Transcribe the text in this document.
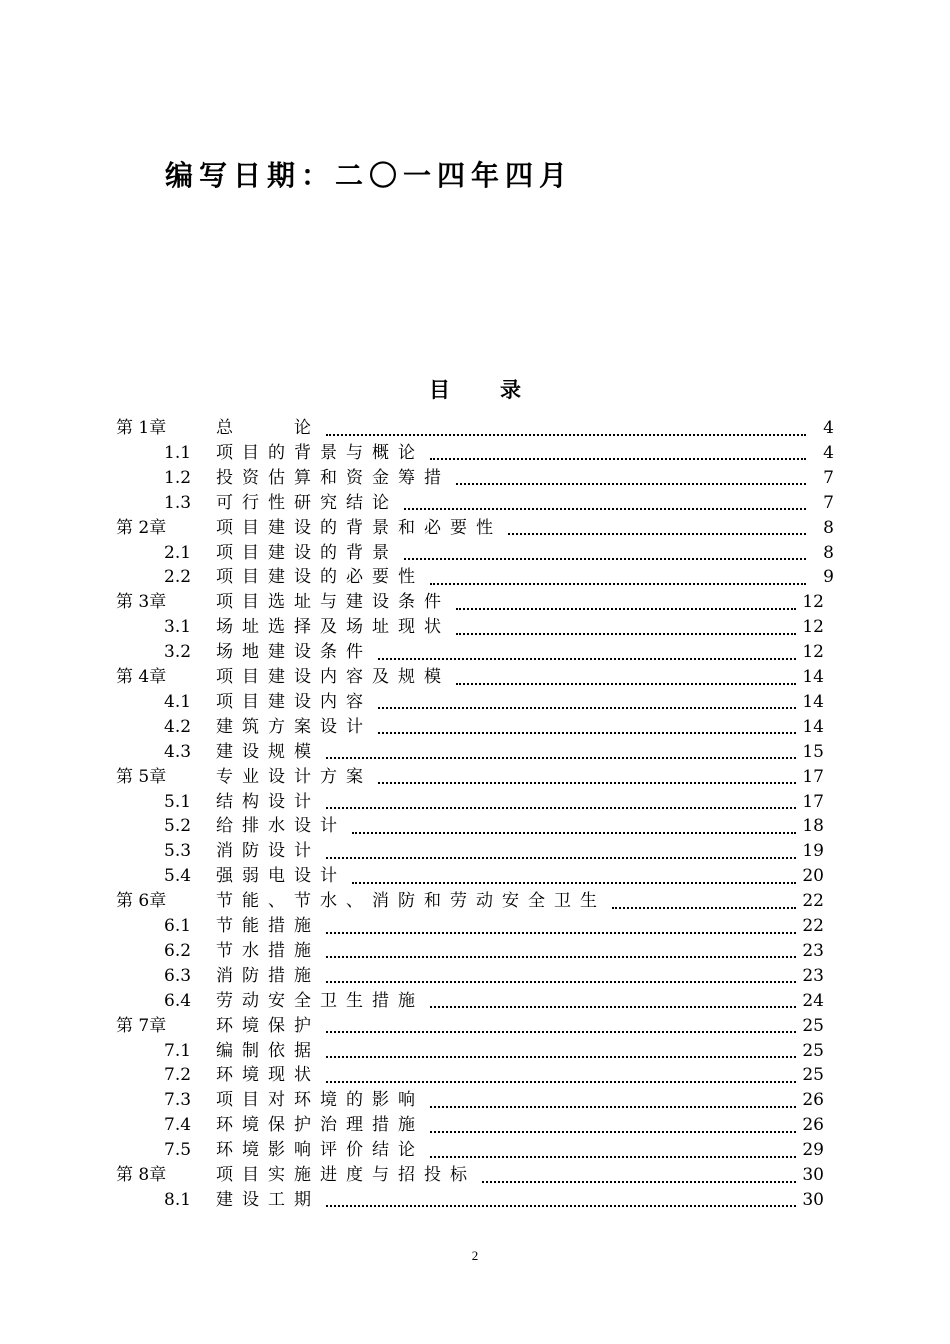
编写日期：二〇一四年四月
目 录
第 1章	总　　论	4
1.1	项目的背景与概论	4
1.2	投资估算和资金筹措	7
1.3	可行性研究结论	7
第 2章	项目建设的背景和必要性	8
2.1	项目建设的背景	8
2.2	项目建设的必要性	9
第 3章	项目选址与建设条件	12
3.1	场址选择及场址现状	12
3.2	场地建设条件	12
第 4章	项目建设内容及规模	14
4.1	项目建设内容	14
4.2	建筑方案设计	14
4.3	建设规模	15
第 5章	专业设计方案	17
5.1	结构设计	17
5.2	给排水设计	18
5.3	消防设计	19
5.4	强弱电设计	20
第 6章	节能、节水、消防和劳动安全卫生	22
6.1	节能措施	22
6.2	节水措施	23
6.3	消防措施	23
6.4	劳动安全卫生措施	24
第 7章	环境保护	25
7.1	编制依据	25
7.2	环境现状	25
7.3	项目对环境的影响	26
7.4	环境保护治理措施	26
7.5	环境影响评价结论	29
第 8章	项目实施进度与招投标	30
8.1	建设工期	30
2
